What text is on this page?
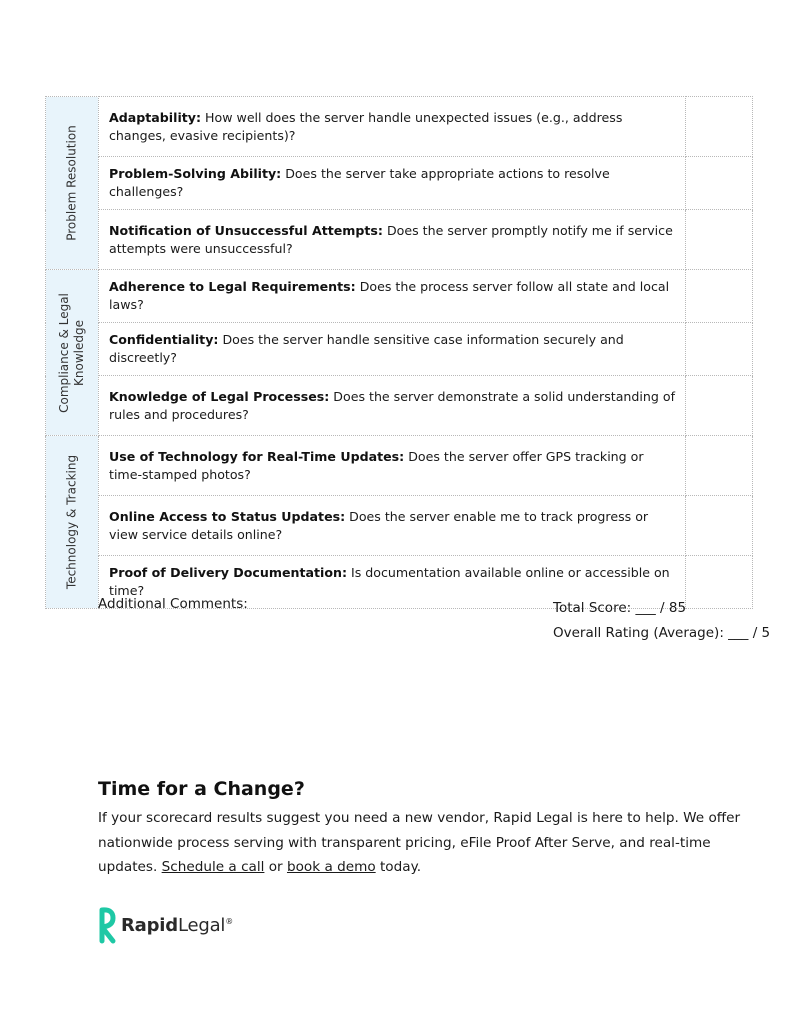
Problem Resolution	Adaptability: How well does the server handle unexpected issues (e.g., address changes, evasive recipients)?	
	Problem-Solving Ability: Does the server take appropriate actions to resolve challenges?	
	Notification of Unsuccessful Attempts: Does the server promptly notify me if service attempts were unsuccessful?	

Compliance & Legal
Knowledge	Adherence to Legal Requirements: Does the process server follow all state and local laws?	
	Confidentiality: Does the server handle sensitive case information securely and discreetly?	
	Knowledge of Legal Processes: Does the server demonstrate a solid understanding of rules and procedures?	

Technology & Tracking	Use of Technology for Real-Time Updates: Does the server offer GPS tracking or time-stamped photos?	
	Online Access to Status Updates: Does the server enable me to track progress or view service details online?	
	Proof of Delivery Documentation: Is documentation available online or accessible on time?	
Additional Comments:	Total Score: ___ / 85
Overall Rating (Average): ___ / 5
Time for a Change?

If your scorecard results suggest you need a new vendor, Rapid Legal is here to help. We offer nationwide process serving with transparent pricing, eFile Proof After Serve, and real-time updates. Schedule a call or book a demo today.

RapidLegal®
